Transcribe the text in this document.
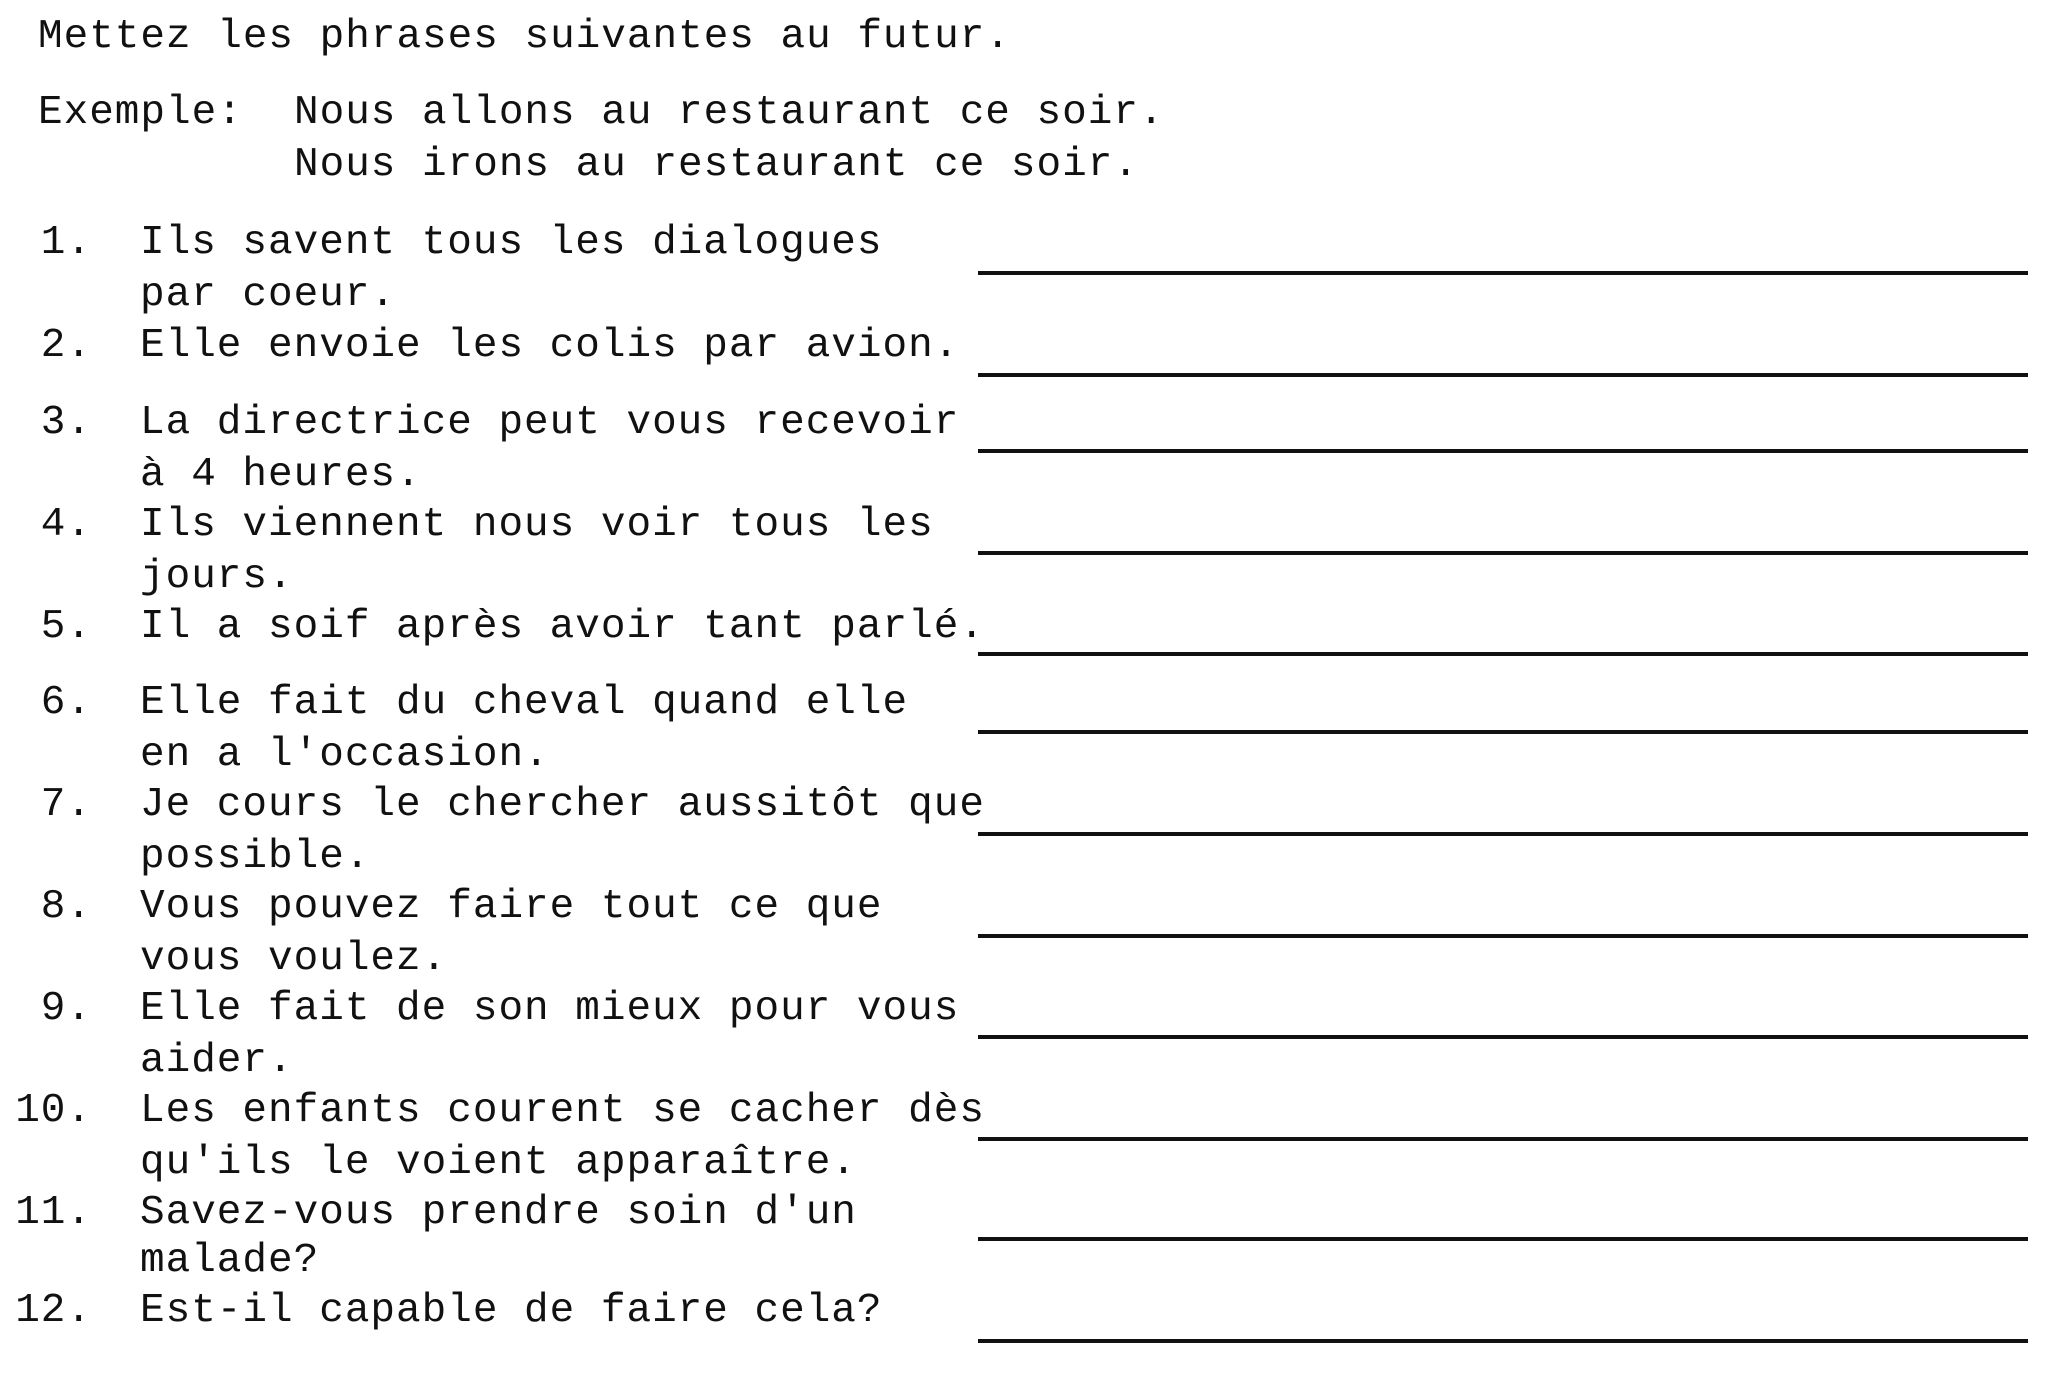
Mettez les phrases suivantes au futur.
Exemple: Nous allons au restaurant ce soir.
Nous irons au restaurant ce soir.
1. Ils savent tous les dialogues
par coeur.
2. Elle envoie les colis par avion.
3. La directrice peut vous recevoir
à 4 heures.
4. Ils viennent nous voir tous les
jours.
5. Il a soif après avoir tant parlé.
6. Elle fait du cheval quand elle
en a l'occasion.
7. Je cours le chercher aussitôt que
possible.
8. Vous pouvez faire tout ce que
vous voulez.
9. Elle fait de son mieux pour vous
aider.
10. Les enfants courent se cacher dès
qu'ils le voient apparaître.
11. Savez-vous prendre soin d'un
malade?
12. Est-il capable de faire cela?
